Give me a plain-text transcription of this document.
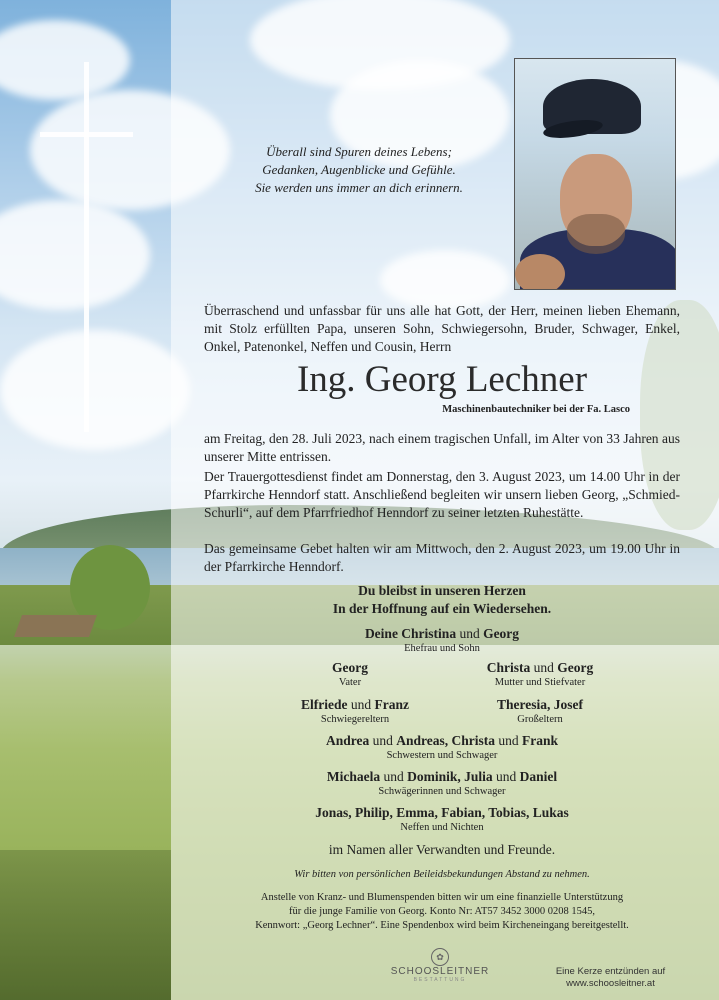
Überall sind Spuren deines Lebens;
Gedanken, Augenblicke und Gefühle.
Sie werden uns immer an dich erinnern.
Überraschend und unfassbar für uns alle hat Gott, der Herr, meinen lieben Ehemann, mit Stolz erfüllten Papa, unseren Sohn, Schwiegersohn, Bruder, Schwager, Enkel, Onkel, Patenonkel, Neffen und Cousin, Herrn
Ing. Georg Lechner
Maschinenbautechniker bei der Fa. Lasco
am Freitag, den 28. Juli 2023, nach einem tragischen Unfall, im Alter von 33 Jahren aus unserer Mitte entrissen.
Der Trauergottesdienst findet am Donnerstag, den 3. August 2023, um 14.00 Uhr in der Pfarrkirche Henndorf statt. Anschließend begleiten wir unsern lieben Georg, „Schmied-Schurli“, auf dem Pfarrfriedhof Henndorf zu seiner letzten Ruhestätte.
Das gemeinsame Gebet halten wir am Mittwoch, den 2. August 2023, um 19.00 Uhr in der Pfarrkirche Henndorf.
Du bleibst in unseren Herzen
In der Hoffnung auf ein Wiedersehen.
Deine Christina und Georg
Ehefrau und Sohn
Georg
Vater
Christa und Georg
Mutter und Stiefvater
Elfriede und Franz
Schwiegereltern
Theresia, Josef
Großeltern
Andrea und Andreas, Christa und Frank
Schwestern und Schwager
Michaela und Dominik, Julia und Daniel
Schwägerinnen und Schwager
Jonas, Philip, Emma, Fabian, Tobias, Lukas
Neffen und Nichten
im Namen aller Verwandten und Freunde.
Wir bitten von persönlichen Beileidsbekundungen Abstand zu nehmen.
Anstelle von Kranz- und Blumenspenden bitten wir um eine finanzielle Unterstützung
für die junge Familie von Georg. Konto Nr: AT57 3452 3000 0208 1545,
Kennwort: „Georg Lechner“. Eine Spendenbox wird beim Kircheneingang bereitgestellt.
✿
SCHOOSLEITNER
BESTATTUNG
Eine Kerze entzünden auf
www.schoosleitner.at
